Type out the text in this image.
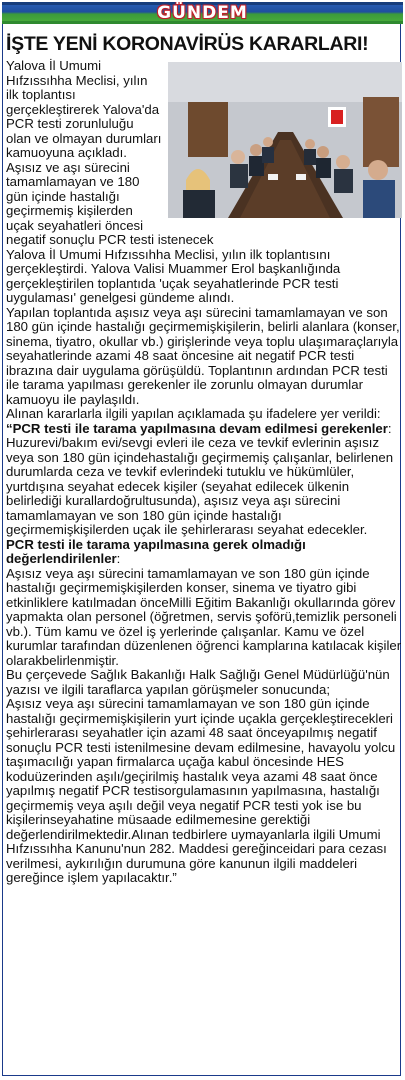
GÜNDEM
İŞTE YENİ KORONAVİRÜS KARARLARI!

Yalova İl Umumi Hıfzıssıhha Meclisi, yılın ilk toplantısı gerçekleştirerek Yalova'da PCR testi zorunluluğu olan ve olmayan durumları kamuoyuna açıkladı.

Aşısız ve aşı sürecini tamamlamayan ve 180 gün içinde hastalığı geçirmemiş kişilerden uçak seyahatleri öncesi negatif sonuçlu PCR testi istenecek

Yalova İl Umumi Hıfzıssıhha Meclisi, yılın ilk toplantısını gerçekleştirdi. Yalova Valisi Muammer Erol başkanlığında gerçekleştirilen toplantıda 'uçak seyahatlerinde PCR testi uygulaması' genelgesi gündeme alındı.

Yapılan toplantıda aşısız veya aşı sürecini tamamlamayan ve son 180 gün içinde hastalığı geçirmemişkişilerin, belirli alanlara (konser, sinema, tiyatro, okullar vb.) girişlerinde veya toplu ulaşımaraçlarıyla seyahatlerinde azami 48 saat öncesine ait negatif PCR testi ibrazına dair uygulama görüşüldü. Toplantının ardından PCR testi ile tarama yapılması gerekenler ile zorunlu olmayan durumlar kamuoyu ile paylaşıldı.

Alınan kararlarla ilgili yapılan açıklamada şu ifadelere yer verildi:

“PCR testi ile tarama yapılmasına devam edilmesi gerekenler:

Huzurevi/bakım evi/sevgi evleri ile ceza ve tevkif evlerinin aşısız veya son 180 gün içindehastalığı geçirmemiş çalışanlar, belirlenen durumlarda ceza ve tevkif evlerindeki tutuklu ve hükümlüler, yurtdışına seyahat edecek kişiler (seyahat edilecek ülkenin belirlediği kurallardoğrultusunda), aşısız veya aşı sürecini tamamlamayan ve son 180 gün içinde hastalığı geçirmemişkişilerden uçak ile şehirlerarası seyahat edecekler.

PCR testi ile tarama yapılmasına gerek olmadığı değerlendirilenler:

Aşısız veya aşı sürecini tamamlamayan ve son 180 gün içinde hastalığı geçirmemişkişilerden konser, sinema ve tiyatro gibi etkinliklere katılmadan önceMilli Eğitim Bakanlığı okullarında görev yapmakta olan personel (öğretmen, servis şoförü,temizlik personeli vb.). Tüm kamu ve özel iş yerlerinde çalışanlar. Kamu ve özel kurumlar tarafından düzenlenen öğrenci kamplarına katılacak kişiler olarakbelirlenmiştir.

Bu çerçevede Sağlık Bakanlığı Halk Sağlığı Genel Müdürlüğü'nün yazısı ve ilgili taraflarca yapılan görüşmeler sonucunda;

Aşısız veya aşı sürecini tamamlamayan ve son 180 gün içinde hastalığı geçirmemişkişilerin yurt içinde uçakla gerçekleştirecekleri şehirlerarası seyahatler için azami 48 saat önceyapılmış negatif sonuçlu PCR testi istenilmesine devam edilmesine, havayolu yolcu taşımacılığı yapan firmalarca uçağa kabul öncesinde HES koduüzerinden aşılı/geçirilmiş hastalık veya azami 48 saat önce yapılmış negatif PCR testisorgulamasının yapılmasına, hastalığı geçirmemiş veya aşılı değil veya negatif PCR testi yok ise bu kişilerinseyahatine müsaade edilmemesine gerektiği değerlendirilmektedir.Alınan tedbirlere uymayanlarla ilgili Umumi Hıfzıssıhha Kanunu'nun 282. Maddesi gereğinceidari para cezası verilmesi, aykırılığın durumuna göre kanunun ilgili maddeleri gereğince işlem yapılacaktır.”
